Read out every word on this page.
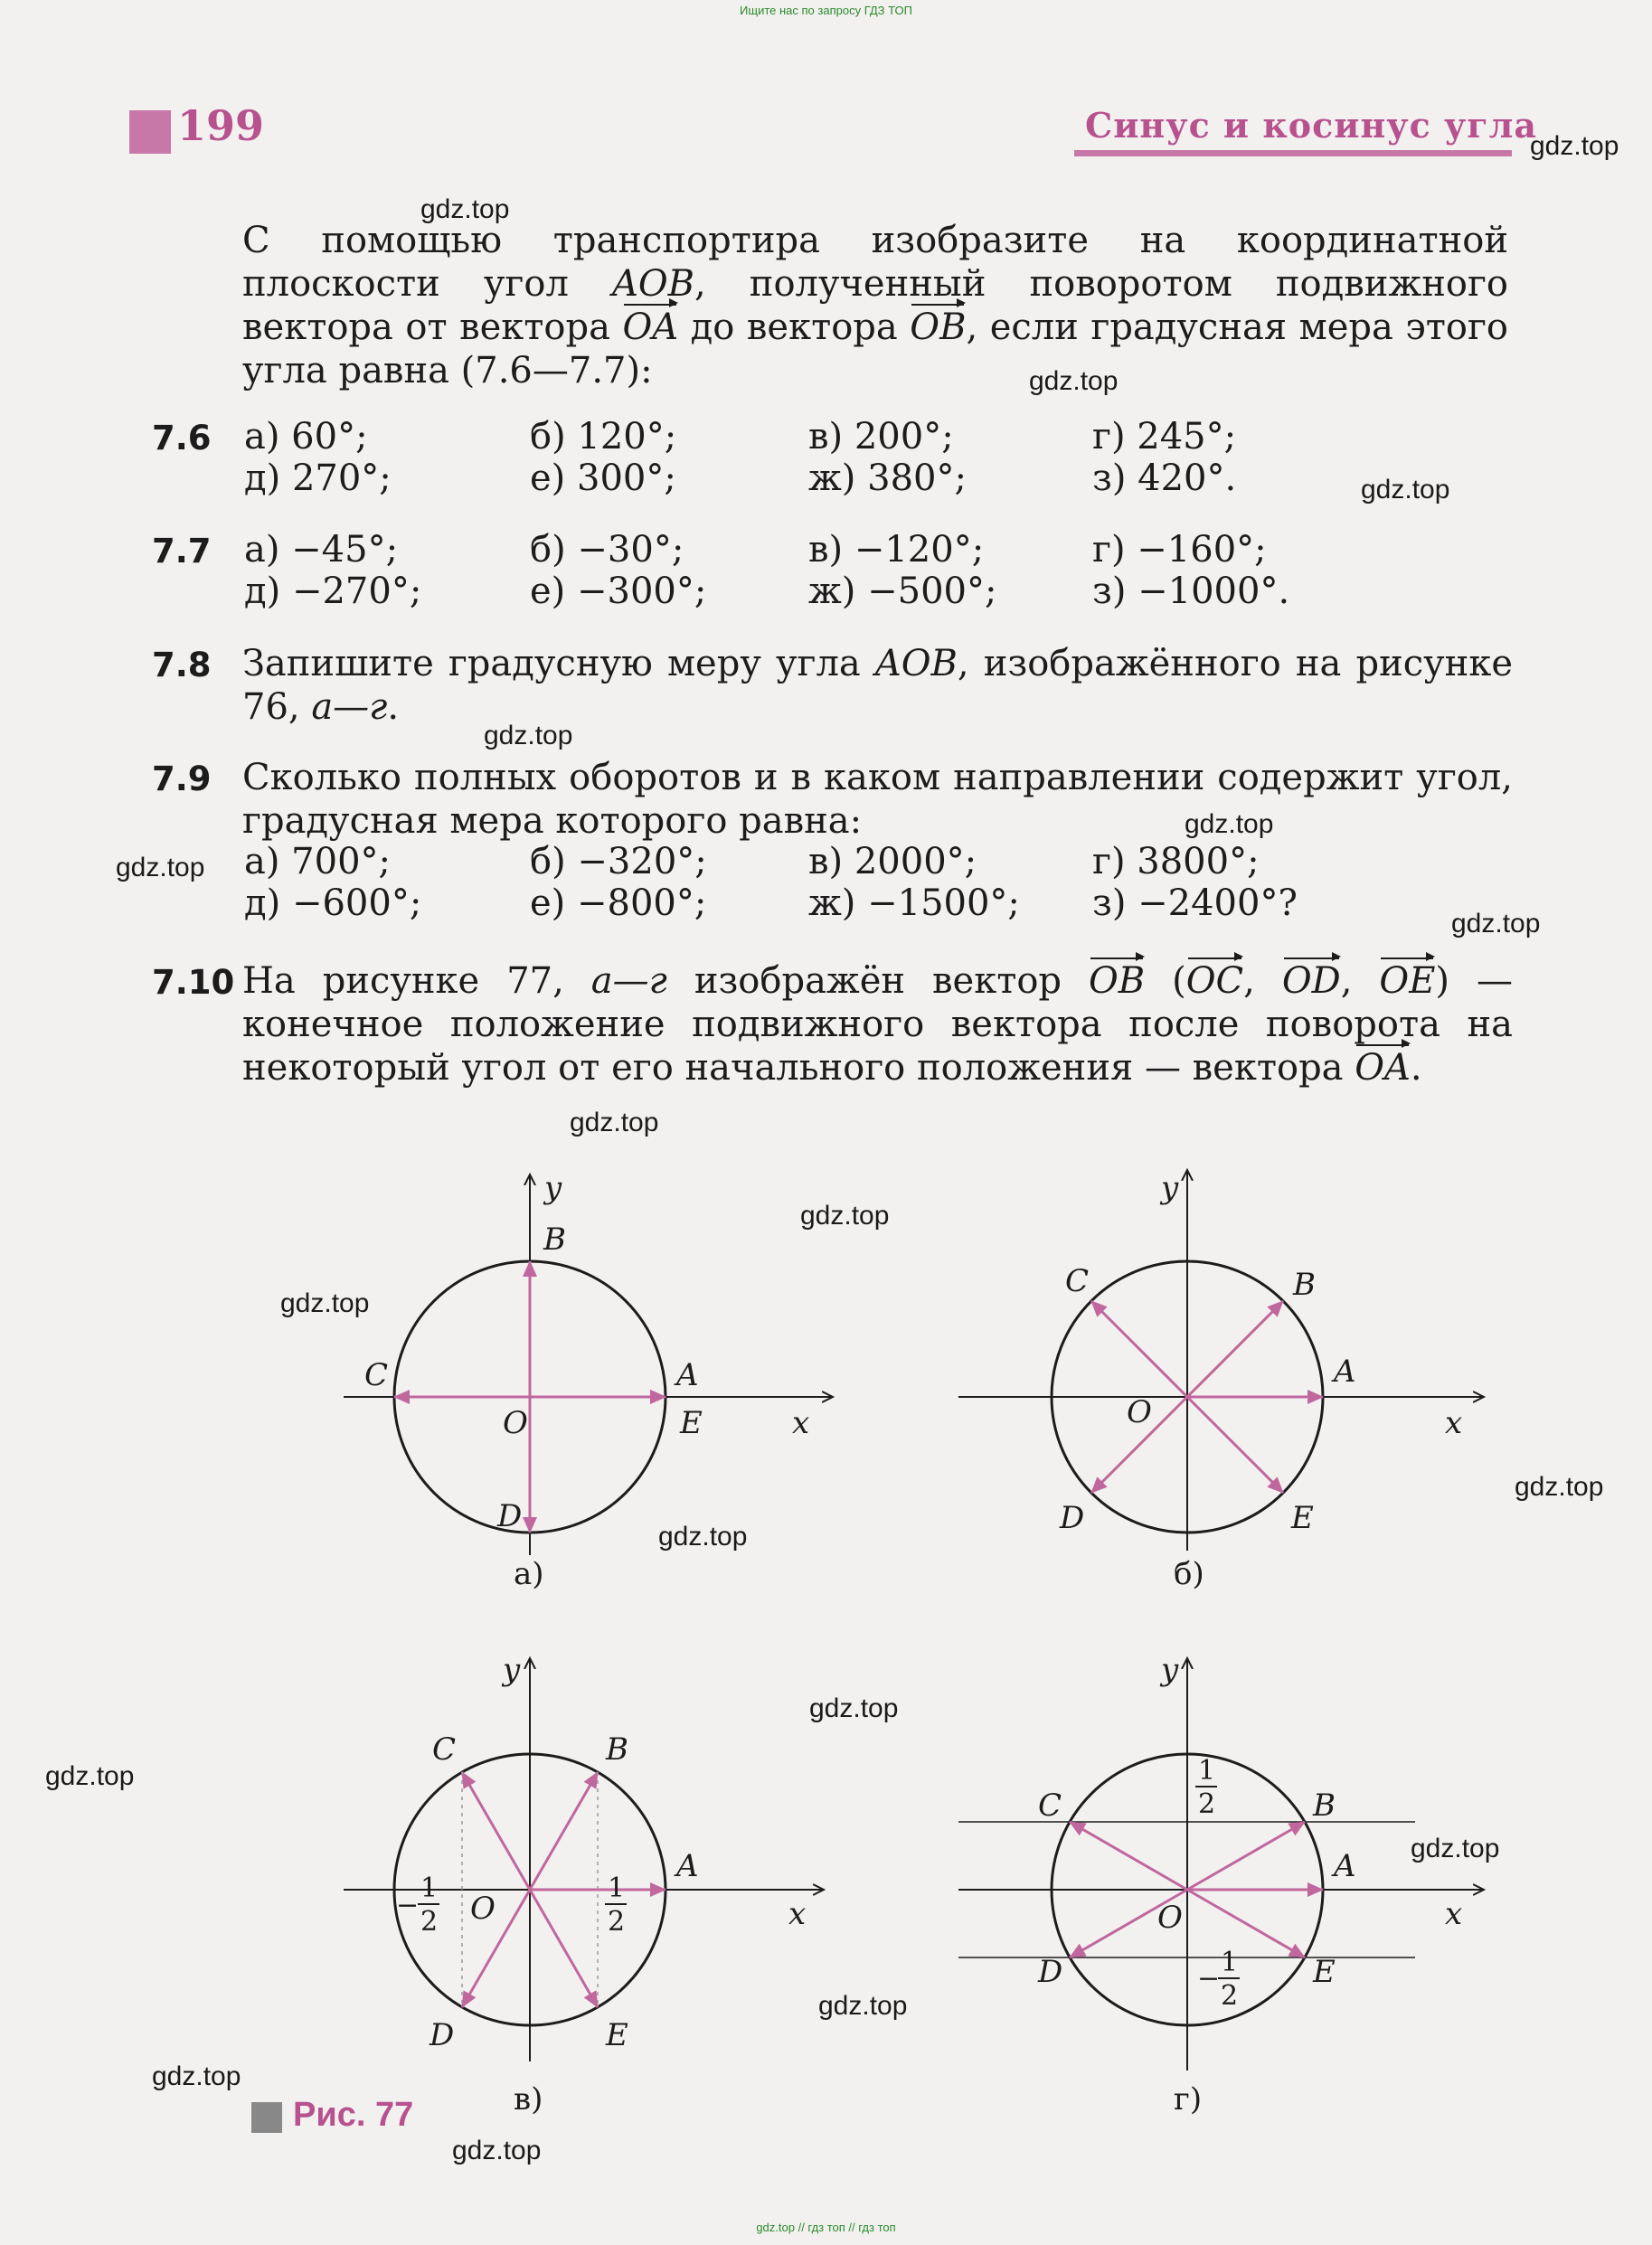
Ищите нас по запросу ГДЗ ТОП
gdz.top // гдз топ // гдз топ
199	Синус и косинус угла
gdz.top
gdz.top
gdz.top
gdz.top
gdz.top
gdz.top
gdz.top
gdz.top
gdz.top
gdz.top
gdz.top
gdz.top
gdz.top
gdz.top
gdz.top
gdz.top
gdz.top
gdz.top
gdz.top
С помощью транспортира изобразите на координатной плоскости угол AOB, полученный поворотом подвижного вектора от вектора OA до вектора OB, если градусная мера этого угла равна (7.6—7.7):
7.6 а) 60°;	б) 120°;	в) 200°;	г) 245°;
д) 270°;	е) 300°;	ж) 380°;	з) 420°.
7.7 а) −45°;	б) −30°;	в) −120°;	г) −160°;
д) −270°;	е) −300°;	ж) −500°;	з) −1000°.
7.8 Запишите градусную меру угла AOB, изображённого на рисунке 76, а—г.
7.9 Сколько полных оборотов и в каком направлении содержит угол, градусная мера которого равна:
а) 700°;	б) −320°;	в) 2000°;	г) 3800°;
д) −600°;	е) −800°;	ж) −1500°; з) −2400°?
7.10 На рисунке 77, а—г изображён вектор OB (OC, OD, OE) — конечное положение подвижного вектора после поворота на некоторый угол от его начального положения — вектора OA.
y
B
C	A
E	x
D
O
а)
y
B
C
A
O	x
D	E
б)
y
C	B
A
O	x
D	E
−
1
2
1
2
в)
y
C	B
A
O	x
D	E
1
2
−
1
2
г)
Рис. 77
